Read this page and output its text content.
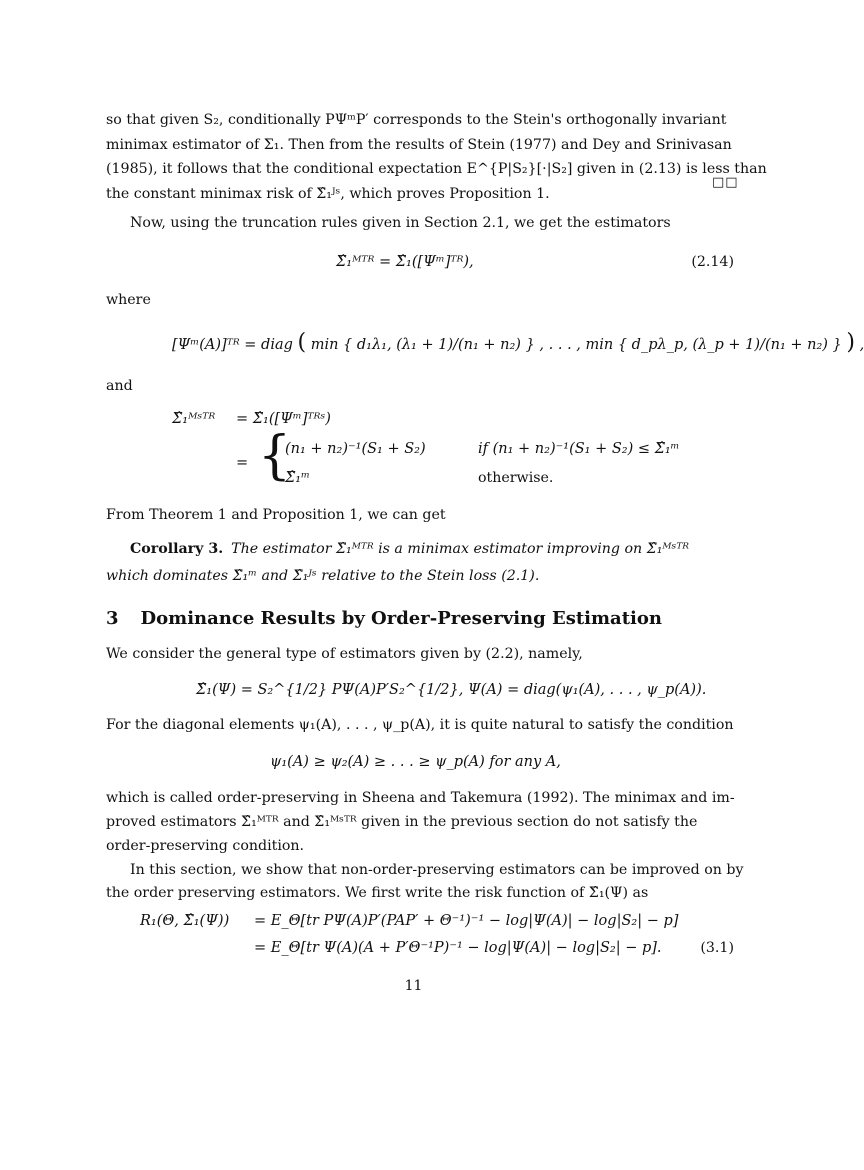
so that given S₂, conditionally PΨᵐP′ corresponds to the Stein's orthogonally invariant
minimax estimator of Σ₁. Then from the results of Stein (1977) and Dey and Srinivasan
(1985), it follows that the conditional expectation E^{P|S₂}[·|S₂] given in (2.13) is less than
the constant minimax risk of Σ̂₁ᴶˢ, which proves Proposition 1.
□□
Now, using the truncation rules given in Section 2.1, we get the estimators
Σ̂₁ᴹᵀᴿ = Σ̂₁([Ψᵐ]ᵀᴿ),	(2.14)
where
[Ψᵐ(A)]ᵀᴿ = diag ( min { d₁λ₁, (λ₁ + 1)/(n₁ + n₂) } , . . . , min { d_pλ_p, (λ_p + 1)/(n₁ + n₂) } ) ,
and
Σ̂₁ᴹˢᵀᴿ = Σ̂₁([Ψᵐ]ᵀᴿˢ)
= {
(n₁ + n₂)⁻¹(S₁ + S₂)	if (n₁ + n₂)⁻¹(S₁ + S₂) ≤ Σ̂₁ᵐ
Σ̂₁ᵐ	otherwise.
From Theorem 1 and Proposition 1, we can get
Corollary 3. The estimator Σ̂₁ᴹᵀᴿ is a minimax estimator improving on Σ̂₁ᴹˢᵀᴿ
which dominates Σ̂₁ᵐ and Σ̂₁ᴶˢ relative to the Stein loss (2.1).
3 Dominance Results by Order-Preserving Estimation
We consider the general type of estimators given by (2.2), namely,
Σ̂₁(Ψ) = S₂^{1/2} PΨ(A)P′S₂^{1/2}, Ψ(A) = diag(ψ₁(A), . . . , ψ_p(A)).
For the diagonal elements ψ₁(A), . . . , ψ_p(A), it is quite natural to satisfy the condition
ψ₁(A) ≥ ψ₂(A) ≥ . . . ≥ ψ_p(A) for any A,
which is called order-preserving in Sheena and Takemura (1992). The minimax and im-
proved estimators Σ̂₁ᴹᵀᴿ and Σ̂₁ᴹˢᵀᴿ given in the previous section do not satisfy the
order-preserving condition.
In this section, we show that non-order-preserving estimators can be improved on by
the order preserving estimators. We first write the risk function of Σ̂₁(Ψ) as
R₁(Θ, Σ̂₁(Ψ)) = E_Θ[tr PΨ(A)P′(PAP′ + Θ⁻¹)⁻¹ − log|Ψ(A)| − log|S₂| − p]
= E_Θ[tr Ψ(A)(A + P′Θ⁻¹P)⁻¹ − log|Ψ(A)| − log|S₂| − p].	(3.1)
11
